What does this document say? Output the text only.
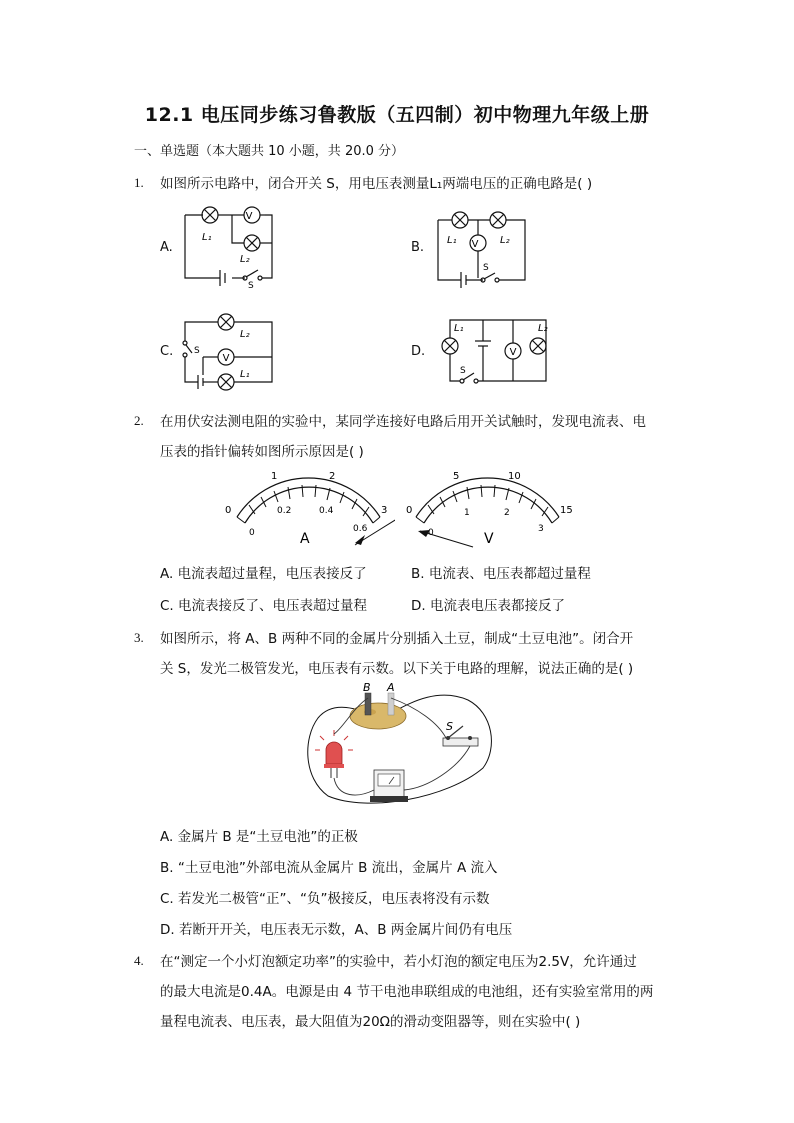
12.1 电压同步练习鲁教版（五四制）初中物理九年级上册
一、单选题（本大题共 10 小题，共 20.0 分）
1. 如图所示电路中，闭合开关 S，用电压表测量L₁两端电压的正确电路是( )
A.	B.
C.	D.
V
L₁
L₂
S
V
L₁	L₂
S
V
L₂
L₁
S	V
L₁	L₂
S
2. 在用伏安法测电阻的实验中，某同学连接好电路后用开关试触时，发现电流表、电
压表的指针偏转如图所示原因是( )
0
1	2
3
0
0.2	0.4
0.6
A
0
5	10
15
0
1	2
3
V
A. 电流表超过量程，电压表接反了	B. 电流表、电压表都超过量程
C. 电流表接反了、电压表超过量程	D. 电流表电压表都接反了
3. 如图所示，将 A、B 两种不同的金属片分别插入土豆，制成“土豆电池”。闭合开
关 S，发光二极管发光，电压表有示数。以下关于电路的理解，说法正确的是( )
B A
S
A. 金属片 B 是“土豆电池”的正极
B. “土豆电池”外部电流从金属片 B 流出，金属片 A 流入
C. 若发光二极管“正”、“负”极接反，电压表将没有示数
D. 若断开开关，电压表无示数，A、B 两金属片间仍有电压
4. 在“测定一个小灯泡额定功率”的实验中，若小灯泡的额定电压为2.5V，允许通过
的最大电流是0.4A。电源是由 4 节干电池串联组成的电池组，还有实验室常用的两
量程电流表、电压表，最大阻值为20Ω的滑动变阻器等，则在实验中( )
